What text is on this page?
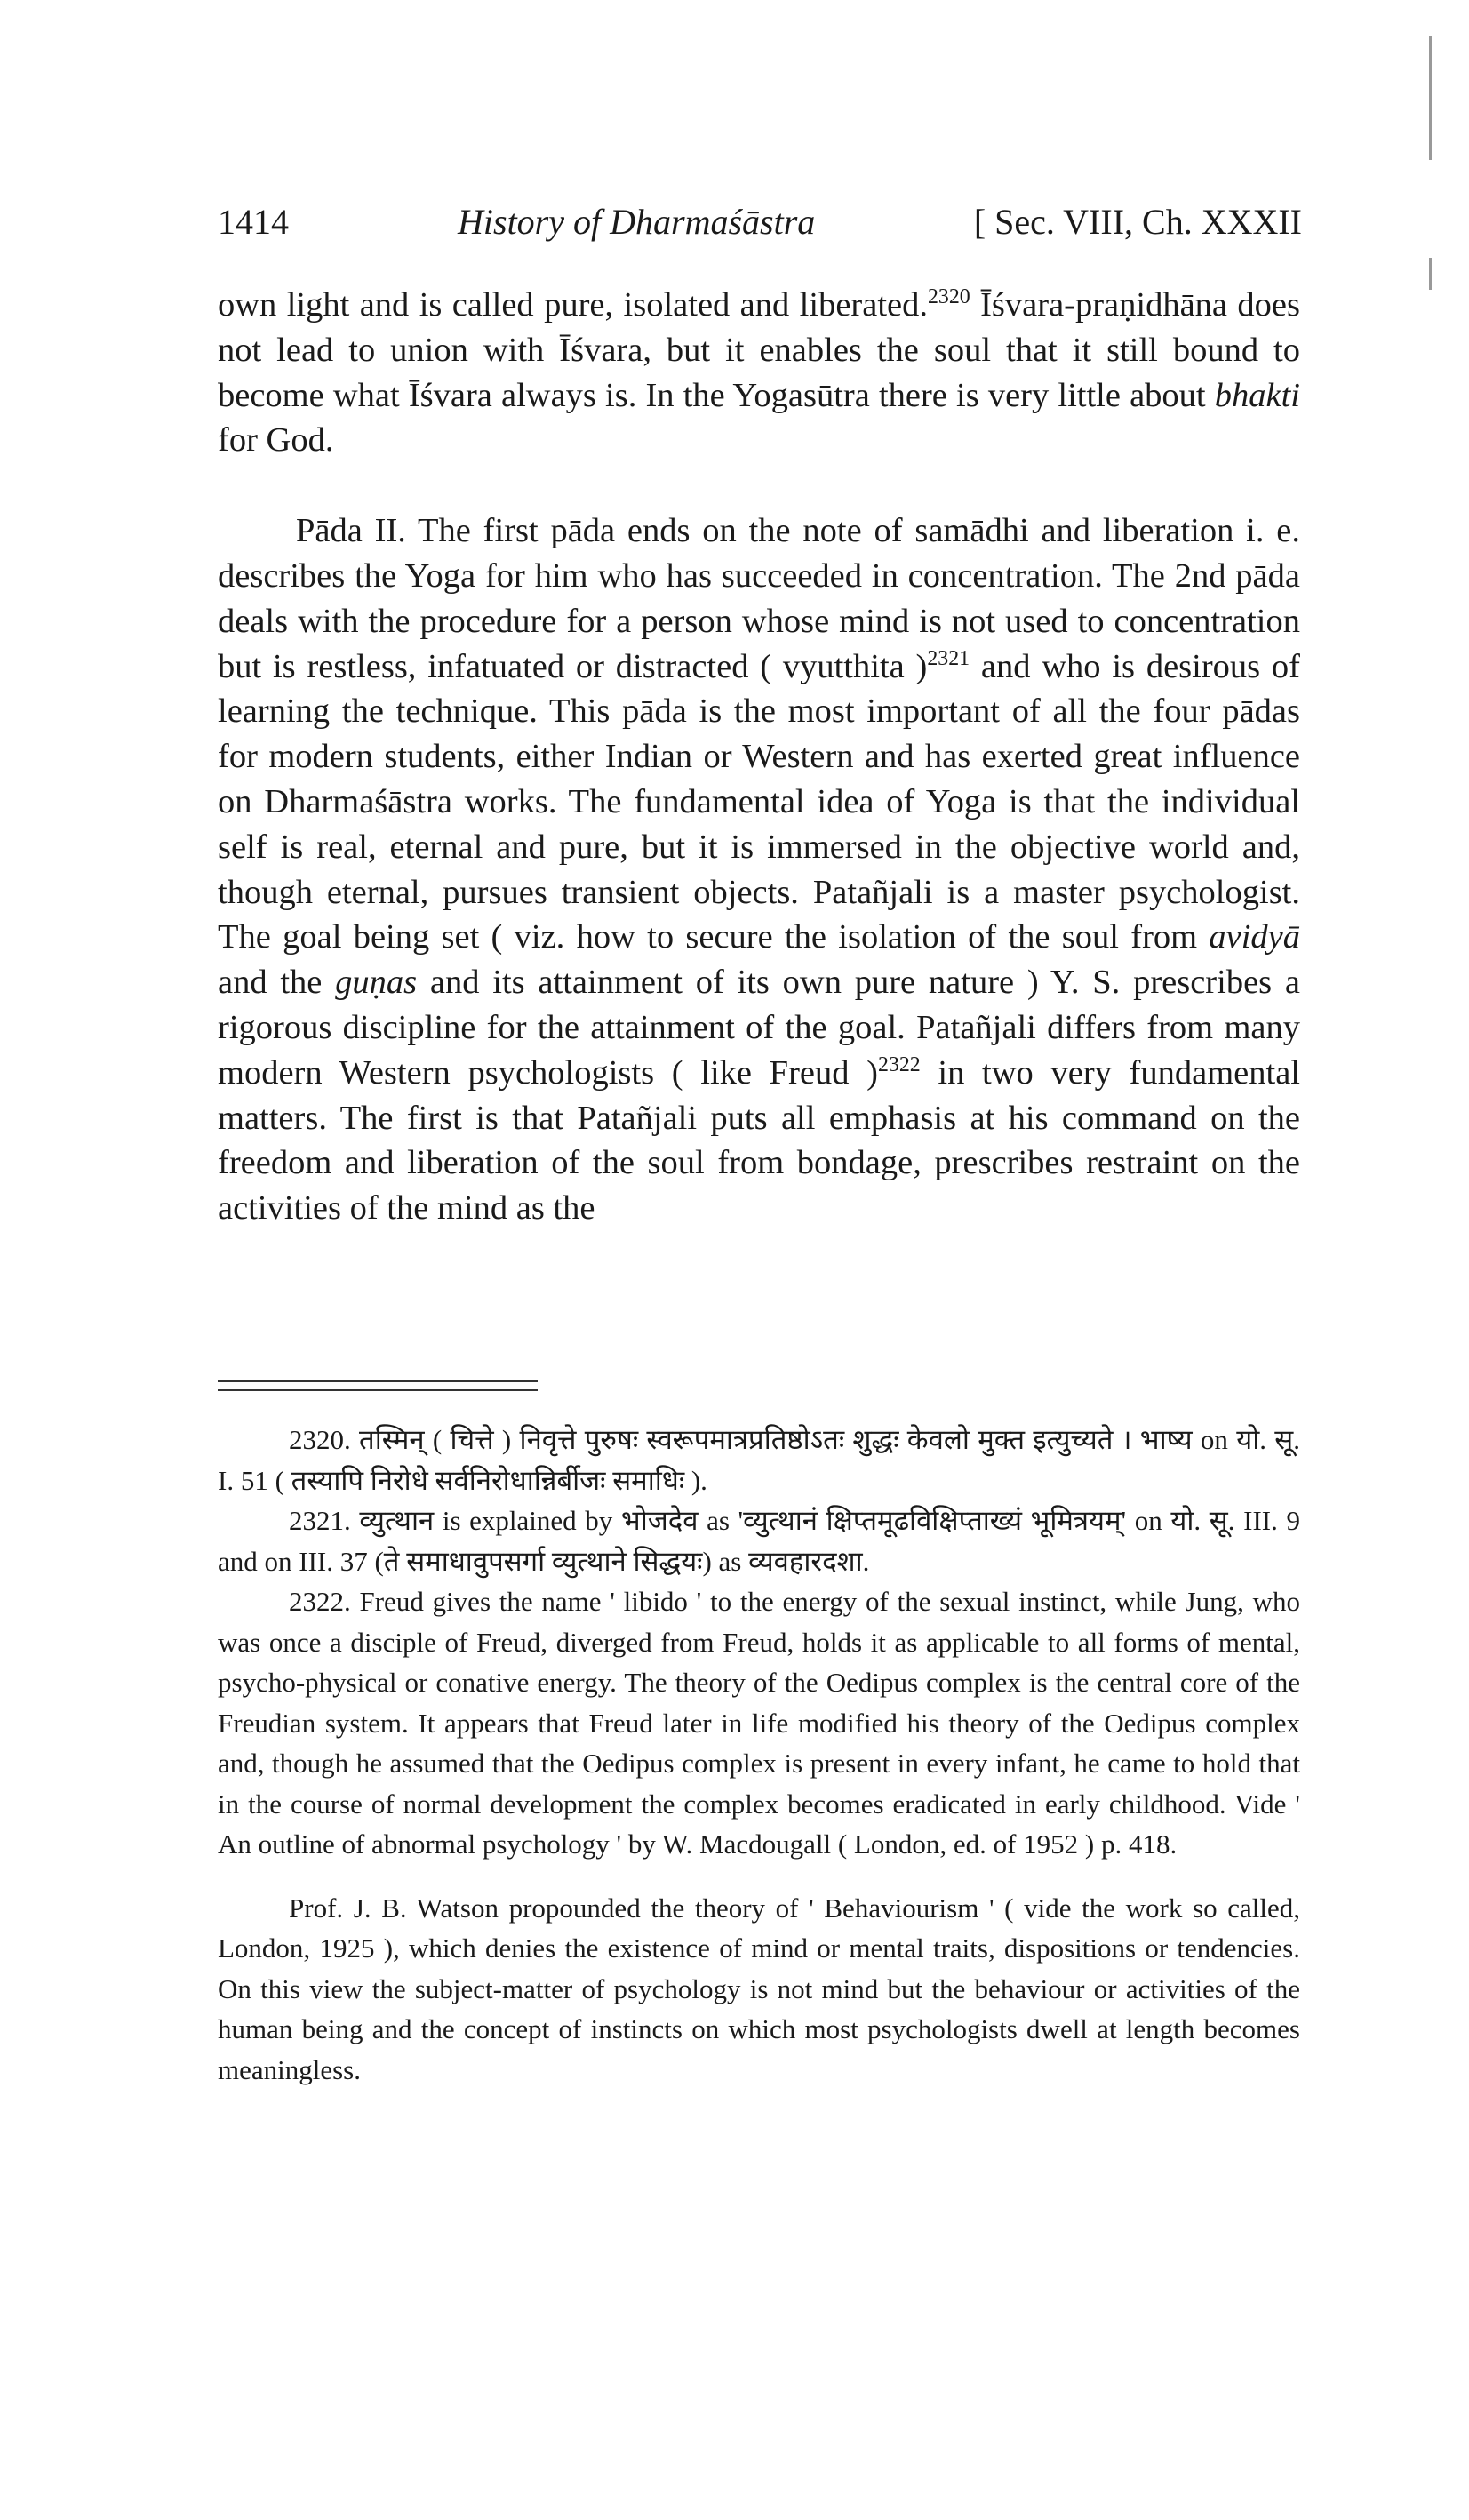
1414	History of Dharmaśāstra	[ Sec. VIII, Ch. XXXII

own light and is called pure, isolated and liberated.$^{2320}$ Īśvara-praṇidhāna does not lead to union with Īśvara, but it enables the soul that it still bound to become what Īśvara always is. In the Yogasūtra there is very little about bhakti for God.

Pāda II. The first pāda ends on the note of samādhi and liberation i. e. describes the Yoga for him who has succeeded in concentration. The 2nd pāda deals with the procedure for a person whose mind is not used to concentration but is restless, infatuated or distracted ( vyutthita )$^{2321}$ and who is desirous of learning the technique. This pāda is the most important of all the four pādas for modern students, either Indian or Western and has exerted great influence on Dharmaśāstra works. The fundamental idea of Yoga is that the individual self is real, eternal and pure, but it is immersed in the objective world and, though eternal, pursues transient objects. Patañjali is a master psychologist. The goal being set ( viz. how to secure the isolation of the soul from avidyā and the guṇas and its attainment of its own pure nature ) Y. S. prescribes a rigorous discipline for the attainment of the goal. Patañjali differs from many modern Western psychologists ( like Freud )$^{2322}$ in two very fundamental matters. The first is that Patañjali puts all emphasis at his command on the freedom and liberation of the soul from bondage, prescribes restraint on the activities of the mind as the

2320. तस्मिन् ( चित्ते ) निवृत्ते पुरुषः स्वरूपमात्रप्रतिष्ठोऽतः शुद्धः केवलो मुक्त इत्युच्यते । भाष्य on यो. सू. I. 51 ( तस्यापि निरोधे सर्वनिरोधान्निर्बीजः समाधिः ).

2321. व्युत्थान is explained by भोजदेव as 'व्युत्थानं क्षिप्तमूढविक्षिप्ताख्यं भूमित्रयम्' on यो. सू. III. 9 and on III. 37 (ते समाधावुपसर्गा व्युत्थाने सिद्धयः) as व्यवहारदशा.

2322. Freud gives the name ' libido ' to the energy of the sexual instinct, while Jung, who was once a disciple of Freud, diverged from Freud, holds it as applicable to all forms of mental, psycho-physical or conative energy. The theory of the Oedipus complex is the central core of the Freudian system. It appears that Freud later in life modified his theory of the Oedipus complex and, though he assumed that the Oedipus complex is present in every infant, he came to hold that in the course of normal development the complex becomes eradicated in early childhood. Vide ' An outline of abnormal psychology ' by W. Macdougall ( London, ed. of 1952 ) p. 418.

Prof. J. B. Watson propounded the theory of ' Behaviourism ' ( vide the work so called, London, 1925 ), which denies the existence of mind or mental traits, dispositions or tendencies. On this view the subject-matter of psychology is not mind but the behaviour or activities of the human being and the concept of instincts on which most psychologists dwell at length becomes meaningless.
